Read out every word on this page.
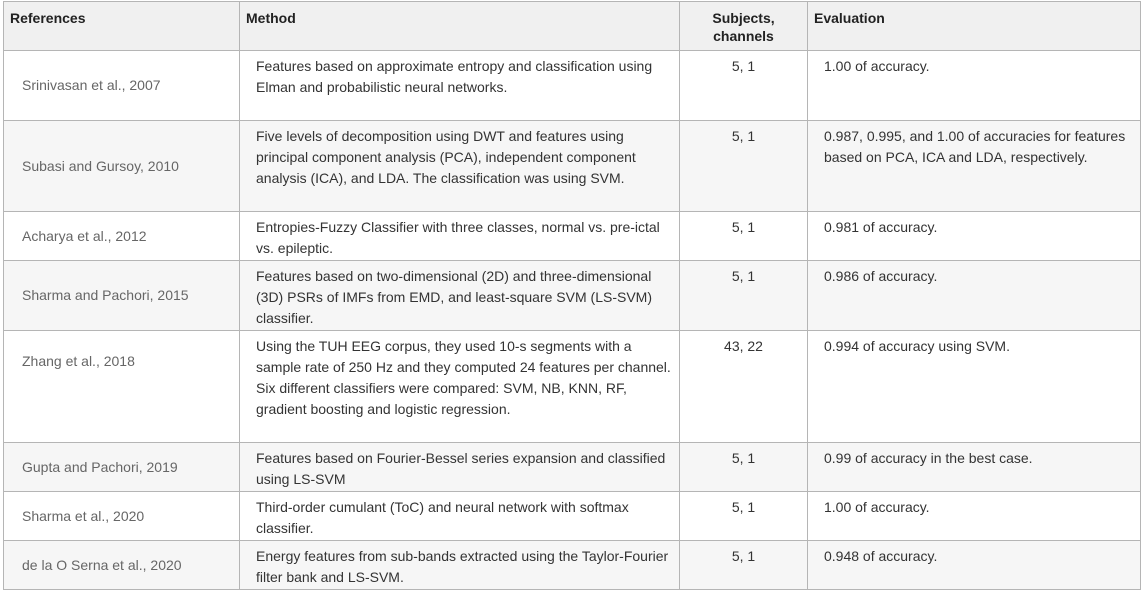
References	Method	Subjects, channels	Evaluation
Srinivasan et al., 2007	Features based on approximate entropy and classification using Elman and probabilistic neural networks.	5, 1	1.00 of accuracy.
Subasi and Gursoy, 2010	Five levels of decomposition using DWT and features using principal component analysis (PCA), independent component analysis (ICA), and LDA. The classification was using SVM.	5, 1	0.987, 0.995, and 1.00 of accuracies for features based on PCA, ICA and LDA, respectively.
Acharya et al., 2012	Entropies-Fuzzy Classifier with three classes, normal vs. pre-ictal vs. epileptic.	5, 1	0.981 of accuracy.
Sharma and Pachori, 2015	Features based on two-dimensional (2D) and three-dimensional (3D) PSRs of IMFs from EMD, and least-square SVM (LS-SVM) classifier.	5, 1	0.986 of accuracy.
Zhang et al., 2018	Using the TUH EEG corpus, they used 10-s segments with a sample rate of 250 Hz and they computed 24 features per channel. Six different classifiers were compared: SVM, NB, KNN, RF, gradient boosting and logistic regression.	43, 22	0.994 of accuracy using SVM.
Gupta and Pachori, 2019	Features based on Fourier-Bessel series expansion and classified using LS-SVM	5, 1	0.99 of accuracy in the best case.
Sharma et al., 2020	Third-order cumulant (ToC) and neural network with softmax classifier.	5, 1	1.00 of accuracy.
de la O Serna et al., 2020	Energy features from sub-bands extracted using the Taylor-Fourier filter bank and LS-SVM.	5, 1	0.948 of accuracy.
